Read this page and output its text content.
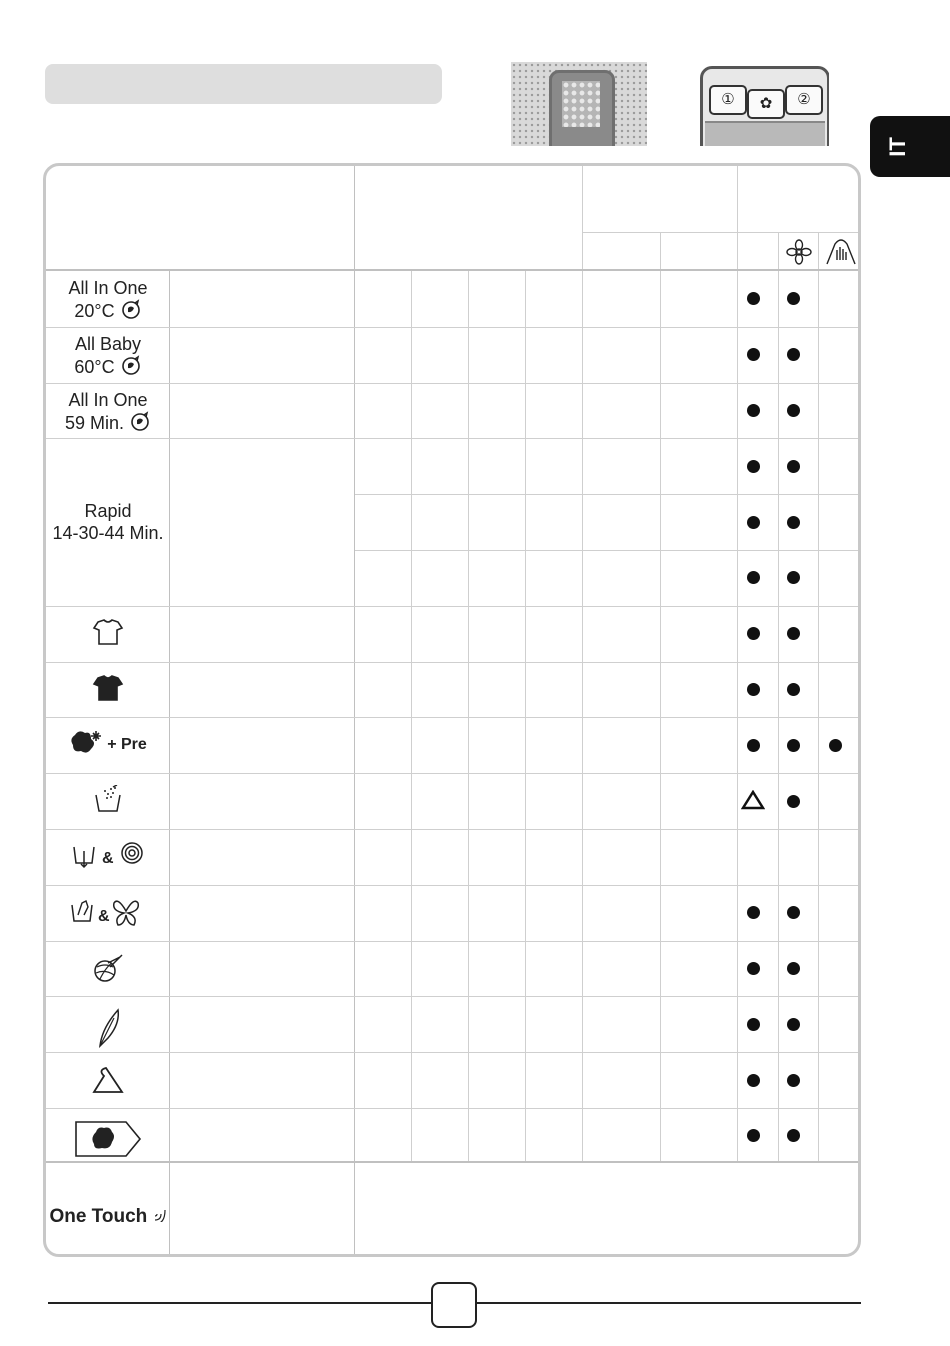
①	✿	②
IT
All In One
20°C
All Baby
60°C
All In One
59 Min.
Rapid
14-30-44 Min.
+ Pre
&
&
One Touch
